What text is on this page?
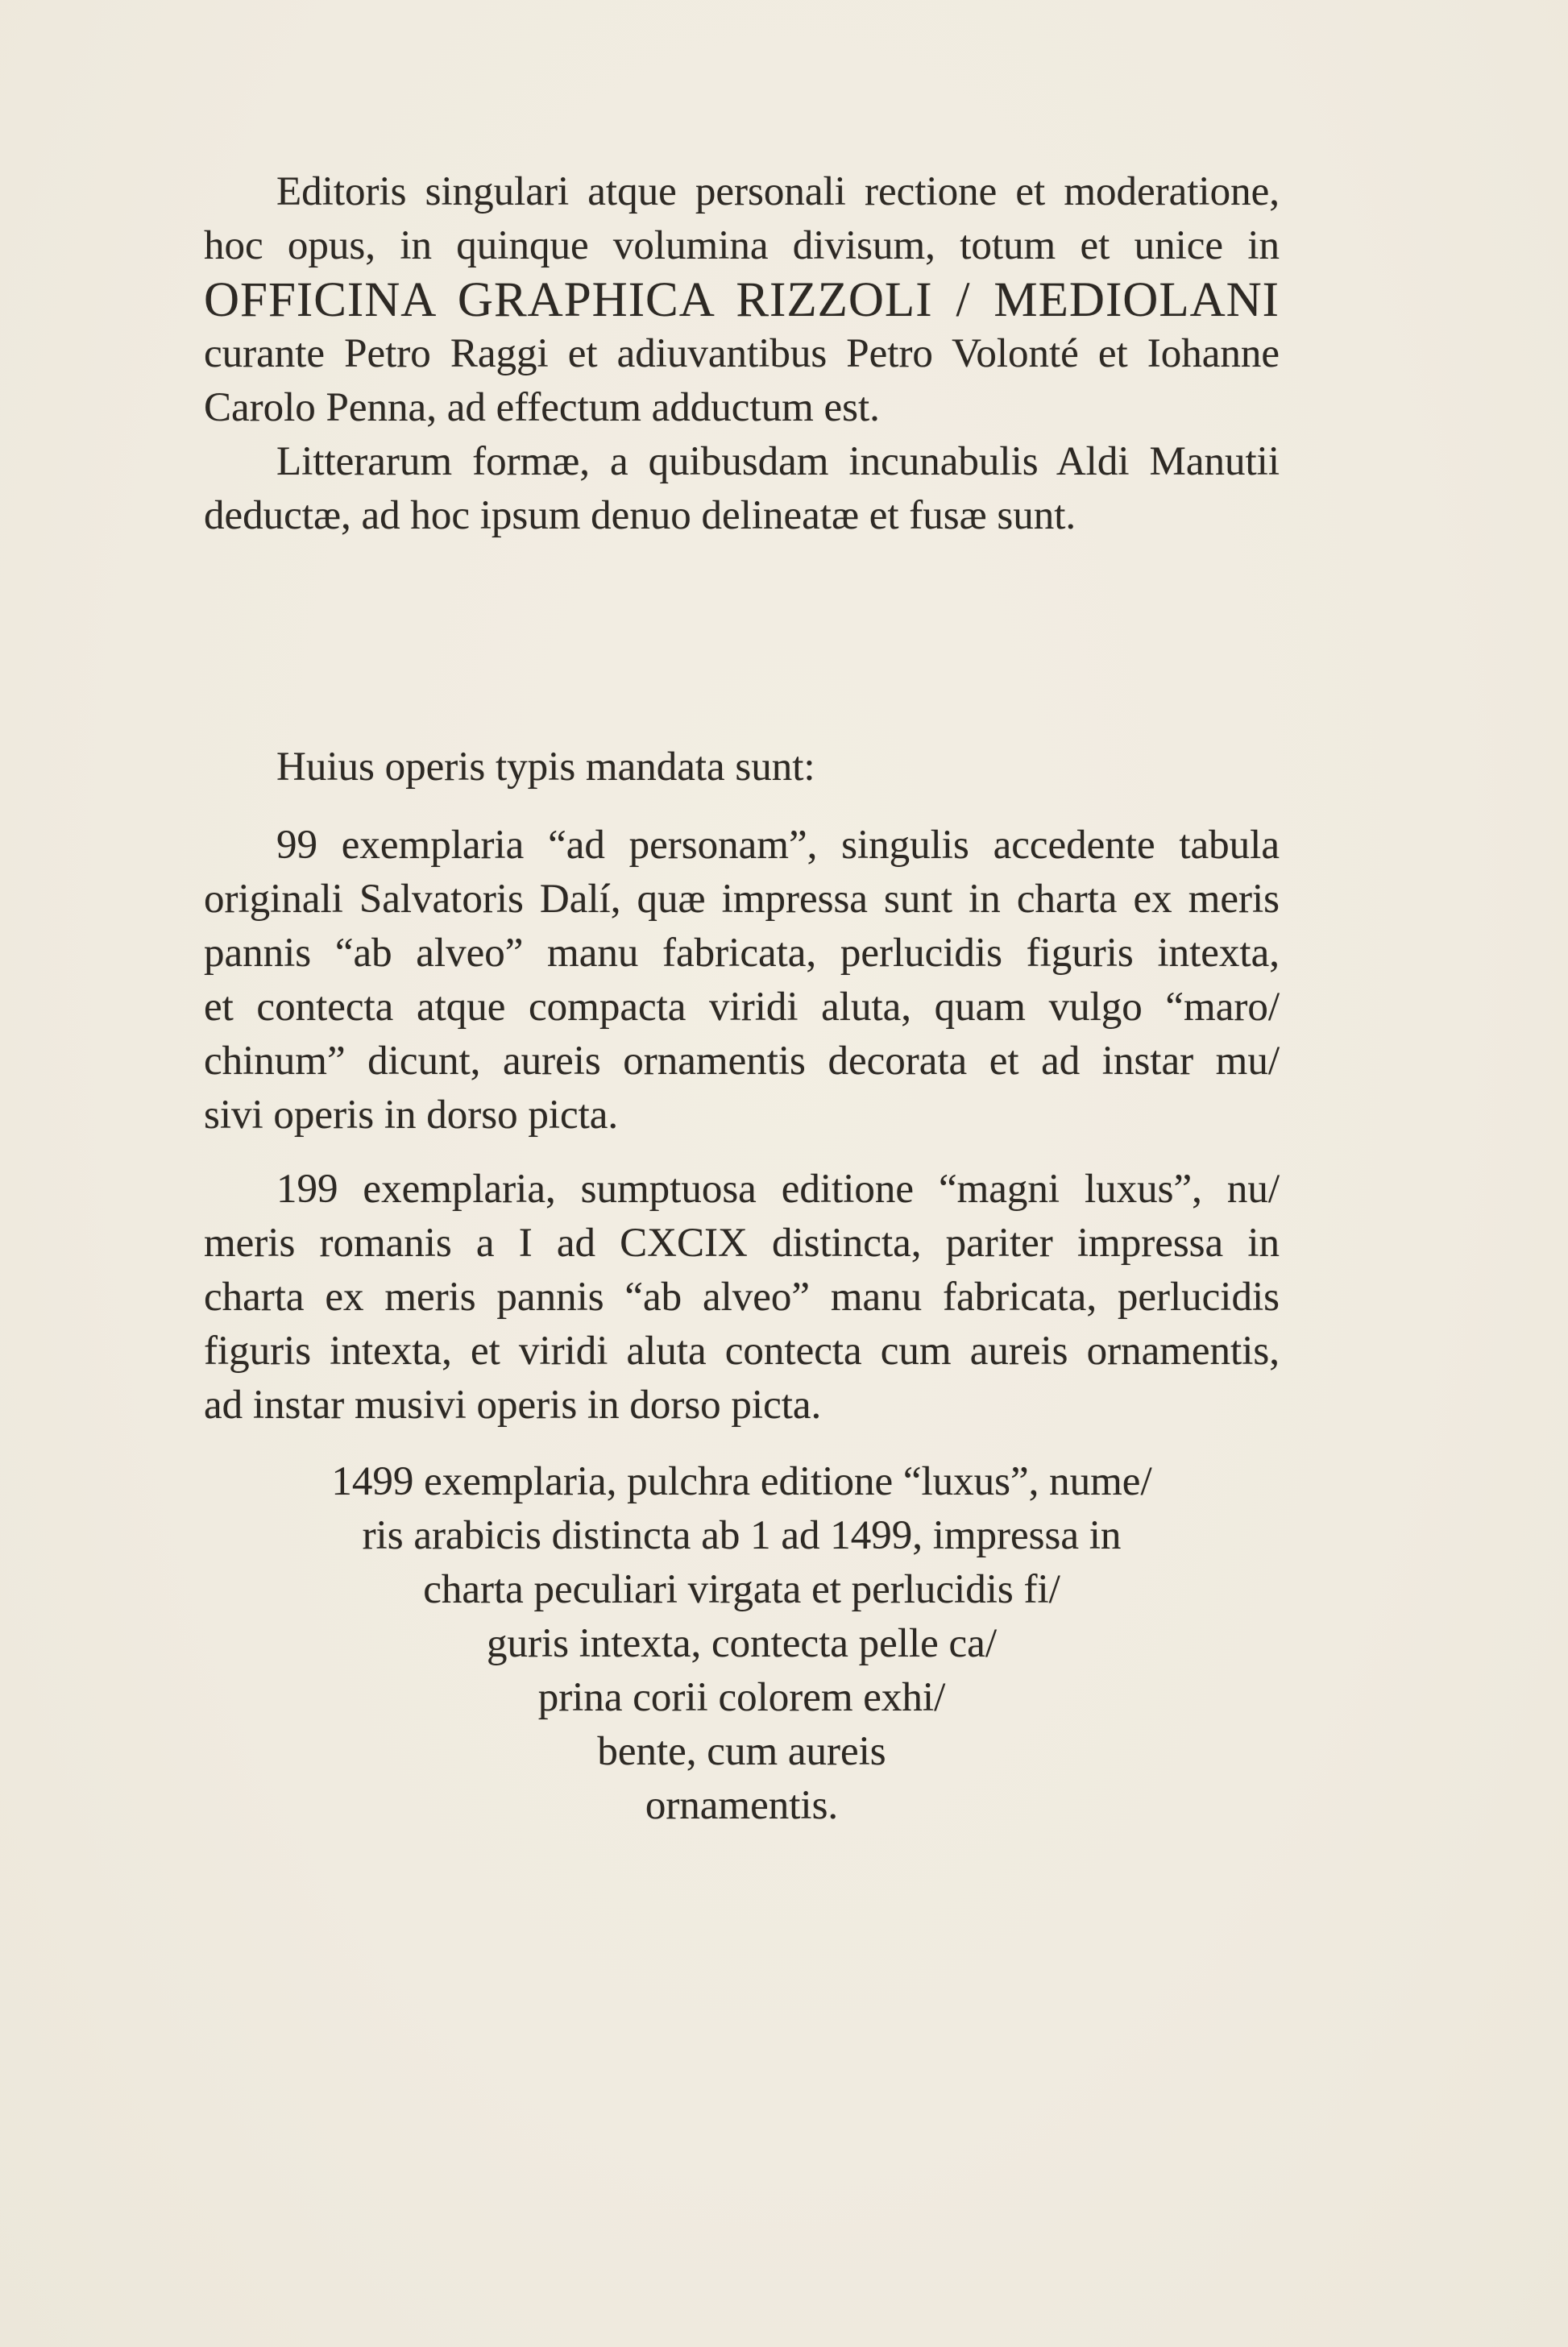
Editoris singulari atque personali rectione et moderatione,
hoc opus, in quinque volumina divisum, totum et unice in
OFFICINA GRAPHICA RIZZOLI / MEDIOLANI
curante Petro Raggi et adiuvantibus Petro Volonté et Iohanne
Carolo Penna, ad effectum adductum est.

Litterarum formæ, a quibusdam incunabulis Aldi Manutii
deductæ, ad hoc ipsum denuo delineatæ et fusæ sunt.

Huius operis typis mandata sunt:

99 exemplaria “ad personam”, singulis accedente tabula
originali Salvatoris Dalí, quæ impressa sunt in charta ex meris
pannis “ab alveo” manu fabricata, perlucidis figuris intexta,
et contecta atque compacta viridi aluta, quam vulgo “maro/
chinum” dicunt, aureis ornamentis decorata et ad instar mu/
sivi operis in dorso picta.

199 exemplaria, sumptuosa editione “magni luxus”, nu/
meris romanis a I ad CXCIX distincta, pariter impressa in
charta ex meris pannis “ab alveo” manu fabricata, perlucidis
figuris intexta, et viridi aluta contecta cum aureis ornamentis,
ad instar musivi operis in dorso picta.

1499 exemplaria, pulchra editione “luxus”, nume/
ris arabicis distincta ab 1 ad 1499, impressa in
charta peculiari virgata et perlucidis fi/
guris intexta, contecta pelle ca/
prina corii colorem exhi/
bente, cum aureis
ornamentis.
